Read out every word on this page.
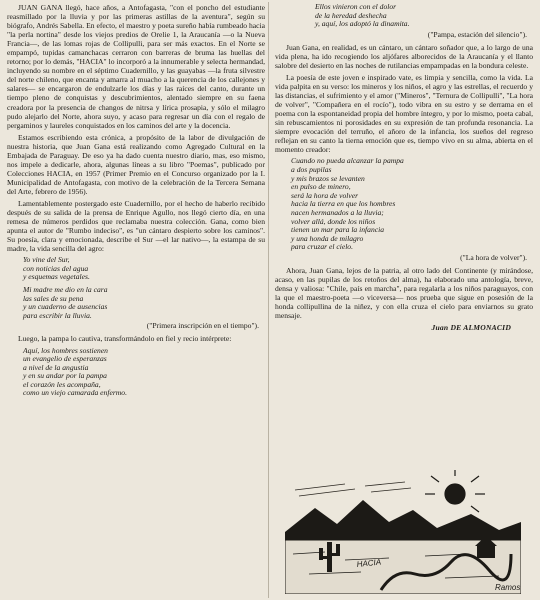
JUAN GANA llegó, hace años, a Antofagasta, "con el poncho del estudiante reasmillado por la lluvia y por las primeras astillas de la aventura", según su biógrafo, Andrés Sabella. En efecto, el maestro y poeta sureño había rumbeado hacia "la perla nortina" desde los viejos predios de Orelie 1, la Araucanía —o la Nueva Francia—, de las lomas rojas de Collipulli, para ser más exactos. En el Norte se empampó, tupidas camanchacas cerraron con barreras de bruma las huellas del retorno; por lo demás, "HACIA" lo incorporó a la innumerable y selecta hermandad, incluyendo su nombre en el séptimo Cuadernillo, y las guayabas —la fruta silvestre del norte chileno, que encanta y amarra al muacho a la querencia de los callejones y salares— se encargaron de endulzarle los días y las raíces del canto, durante un tiempo pleno de conquistas y descubrimientos, alentado siempre en su faena creadora por la presencia de changos de nitrsa y lírica prosapia, y sólo el milagro pudo alejarlo del Norte, ahora suyo, y acaso para regresar un día con el regalo de pergaminos y laureles conquistados en los caminos del arte y la docencia.

Estamos escribiendo esta crónica, a propósito de la labor de divulgación de nuestra historia, que Juan Gana está realizando como Agregado Cultural en la Embajada de Paraguay. De eso ya ha dado cuenta nuestro diario, mas, eso mismo, nos impele a dedicarle, ahora, algunas líneas a su libro "Poemas", publicado por Colecciones HACIA, en 1957 (Primer Premio en el Concurso organizado por la I. Municipalidad de Antofagasta, con motivo de la celebración de la Tercera Semana del Arte, febrero de 1956).

Lamentablemente postergado este Cuadernillo, por el hecho de haberlo recibido después de su salida de la prensa de Enrique Agullo, nos llegó cierto día, en una remesa de números perdidos que reclamaba nuestra colección. Gana, como bien apunta el autor de "Rumbo indeciso", es "un cántaro despierto sobre los caminos". Su poesía, clara y emocionada, describe el Sur —el lar nativo—, la estampa de su madre, la vida sencilla del agro:

Yo vine del Sur,
con noticias del agua
y esquemas vegetales.
Mi madre me dio en la cara
las sales de su pena
y un cuaderno de ausencias
para escribir la lluvia.
("Primera inscripción en el tiempo").

Luego, la pampa lo cautiva, transformándolo en fiel y recio intérprete:

Aquí, los hombres sostienen
un evangelio de esperanzas
a nivel de la angustia
y en su andar por la pampa
el corazón les acompaña,
como un viejo camarada enfermo.
Ellos vinieron con el dolor
de la heredad deshecha
y, aquí, los adoptó la dinamita.
("Pampa, estación del silencio").

Juan Gana, en realidad, es un cántaro, un cántaro soñador que, a lo largo de una vida plena, ha ido recogiendo los aljófares alborecidos de la Araucanía y el llanto salobre del desierto en las noches de rutilancias empampadas en la bondura celeste.

La poesía de este joven e inspirado vate, es limpia y sencilla, como la vida. La vida palpita en su verso: los mineros y los niños, el agro y las estrellas, el recuerdo y las distancias, el sufrimiento y el amor ("Mineros", "Ternura de Collipulli", "La hora de volver", "Compañera en el rocío"), todo vibra en su estro y se derrama en el poema con la espontaneidad propia del hombre íntegro, y por lo mismo, poeta cabal, sin rebuscamientos ni porosidades en su expresión de tan profunda resonancia. La siempre evocación del terruño, el añoro de la infancia, los sueños del regreso reflejan en su canto la tierna emoción que es, tiempo vivo en su alma, abierta en el momento creador:

Cuando no pueda alcanzar la pampa
a dos pupilas
y mis brazos se levanten
en pulso de minero,
será la hora de volver
hacia la tierra en que los hombres
nacen hermanados a la lluvia;
volver allá, donde los niños
tienen un mar para la infancia
y una honda de milagro
para cruzar el cielo.
("La hora de volver").

Ahora, Juan Gana, lejos de la patria, al otro lado del Continente (y mirándose, acaso, en las pupilas de los retoños del alma), ha elaborado una antología, breve, densa y valiosa: "Chile, país en marcha", para regalarla a los niños paraguayos, con la que el maestro-poeta —o viceversa— nos prueba que sigue en posesión de la honda collipullina de la niñez, y con ella cruza el cielo para enviarnos su grato mensaje.

Juan DE ALMONACID
HACIA
Ramos
